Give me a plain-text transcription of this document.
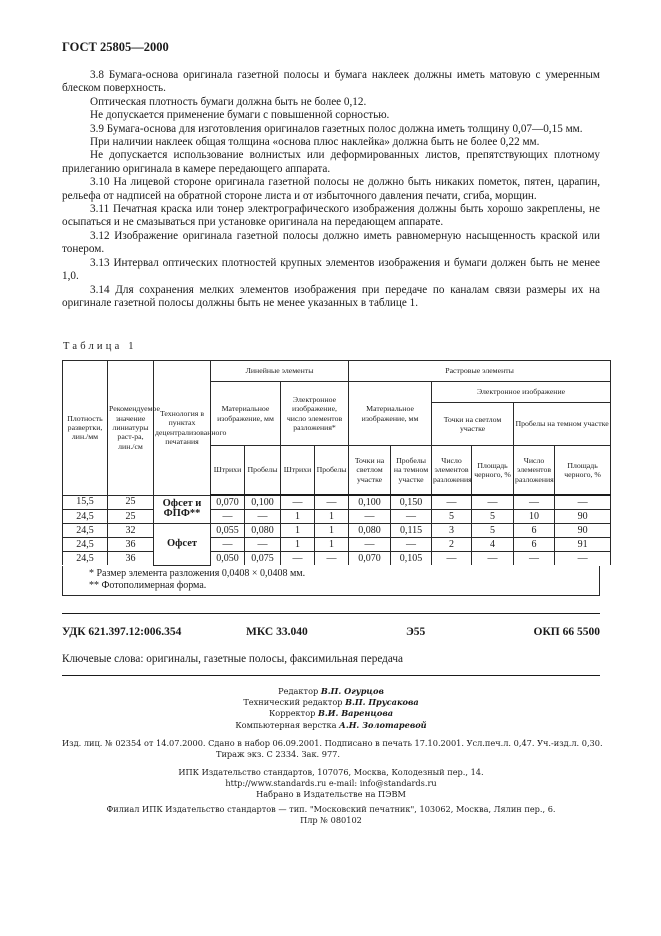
ГОСТ 25805—2000

3.8 Бумага-основа оригинала газетной полосы и бумага наклеек должны иметь матовую с умеренным блеском поверхность.

Оптическая плотность бумаги должна быть не более 0,12.

Не допускается применение бумаги с повышенной сорностью.

3.9 Бумага-основа для изготовления оригиналов газетных полос должна иметь толщину 0,07—0,15 мм.

При наличии наклеек общая толщина «основа плюс наклейка» должна быть не более 0,22 мм.

Не допускается использование волнистых или деформированных листов, препятствующих плотному прилеганию оригинала в камере передающего аппарата.

3.10 На лицевой стороне оригинала газетной полосы не должно быть никаких пометок, пятен, царапин, рельефа от надписей на обратной стороне листа и от избыточного давления печати, сгиба, морщин.

3.11 Печатная краска или тонер электрографического изображения должны быть хорошо закреплены, не осыпаться и не смазываться при установке оригинала на передающем аппарате.

3.12 Изображение оригинала газетной полосы должно иметь равномерную насыщенность краской или тонером.

3.13 Интервал оптических плотностей крупных элементов изображения и бумаги должен быть не менее 1,0.

3.14 Для сохранения мелких элементов изображения при передаче по каналам связи размеры их на оригинале газетной полосы должны быть не менее указанных в таблице 1.

Таблица 1
Плотность развертки, лин./мм	Рекомендуемое значение линиатуры раст-ра, лин./см	Технология в пунктах децентрализованного печатания	Линейные элементы				Растровые элементы					
			Материальное изображение, мм		Электронное изображение, число элементов разложения*		Материальное изображение, мм		Электронное изображение			
									Точки на светлом участке		Пробелы на темном участке	
			Штрихи	Пробелы	Штрихи	Пробелы	Точки на светлом участке	Пробелы на темном участке	Число элементов разложения	Площадь черного, %	Число элементов разложения	Площадь черного, %
15,5	25	Офсет и ФПФ**	0,070	0,100	—	—	0,100	0,150	—	—	—	—
24,5	25		—	—	1	1	—	—	5	5	10	90
24,5	32	Офсет	0,055	0,080	1	1	0,080	0,115	3	5	6	90
24,5	36		—	—	1	1	—	—	2	4	6	91
24,5	36		0,050	0,075	—	—	0,070	0,105	—	—	—	—
* Размер элемента разложения 0,0408 × 0,0408 мм.
** Фотополимерная форма.
УДК 621.397.12:006.354	МКС 33.040	Э55	ОКП 66 5500
Ключевые слова: оригиналы, газетные полосы, факсимильная передача
Редактор В.П. Огурцов
Технический редактор В.П. Прусакова
Корректор В.И. Варенцова
Компьютерная верстка А.Н. Золотаревой
Изд. лиц. № 02354 от 14.07.2000. Сдано в набор 06.09.2001. Подписано в печать 17.10.2001. Усл.печ.л. 0,47. Уч.-изд.л. 0,30.
Тираж экз. С 2334. Зак. 977.
ИПК Издательство стандартов, 107076, Москва, Колодезный пер., 14.
http://www.standards.ru e-mail: info@standards.ru
Набрано в Издательстве на ПЭВМ
Филиал ИПК Издательство стандартов — тип. "Московский печатник", 103062, Москва, Лялин пер., 6.
Плр № 080102
